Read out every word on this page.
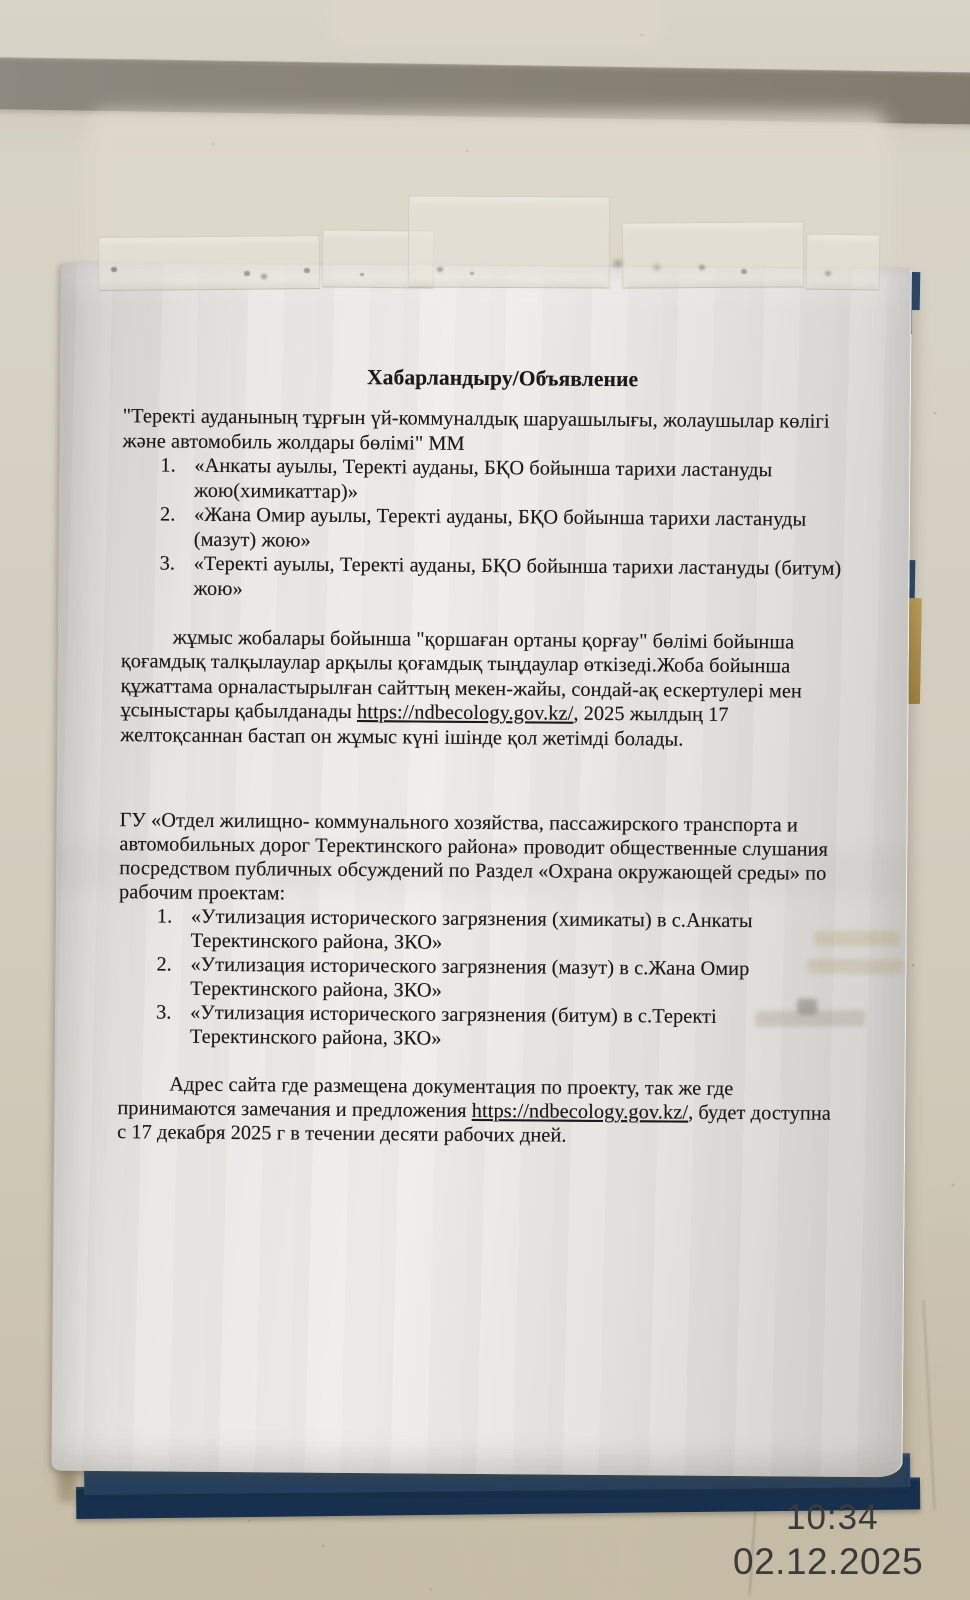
Хабарландыру/Объявление

"Теректі ауданының тұрғын үй-коммуналдық шаруашылығы, жолаушылар көлігі және автомобиль жолдары бөлімі" ММ

1. «Анкаты ауылы, Теректі ауданы, БҚО бойынша тарихи ластануды жою(химикаттар)»
2. «Жана Омир ауылы, Теректі ауданы, БҚО бойынша тарихи ластануды (мазут) жою»
3. «Теректі ауылы, Теректі ауданы, БҚО бойынша тарихи ластануды (битум) жою»

жұмыс жобалары бойынша "қоршаған ортаны қорғау" бөлімі бойынша қоғамдық талқылаулар арқылы қоғамдық тыңдаулар өткізеді.Жоба бойынша  құжаттама орналастырылған сайттың мекен-жайы, сондай-ақ ескертулері мен ұсыныстары қабылданады https://ndbecology.gov.kz/, 2025 жылдың 17 желтоқсаннан бастап он жұмыс күні ішінде қол жетімді болады.

ГУ «Отдел жилищно- коммунального хозяйства, пассажирского транспорта и автомобильных дорог Теректинского района» проводит общественные слушания посредством публичных обсуждений по Раздел «Охрана окружающей среды» по рабочим проектам:

1. «Утилизация исторического загрязнения (химикаты) в с.Анкаты Теректинского района, ЗКО»
2. «Утилизация исторического загрязнения (мазут) в с.Жана Омир Теректинского района, ЗКО»
3. «Утилизация исторического загрязнения (битум) в с.Теректі Теректинского района, ЗКО»

Адрес сайта где размещена документация по проекту, так же где принимаются замечания и предложения https://ndbecology.gov.kz/, будет доступна с 17 декабря 2025 г в течении десяти рабочих дней.

10:34
02.12.2025
